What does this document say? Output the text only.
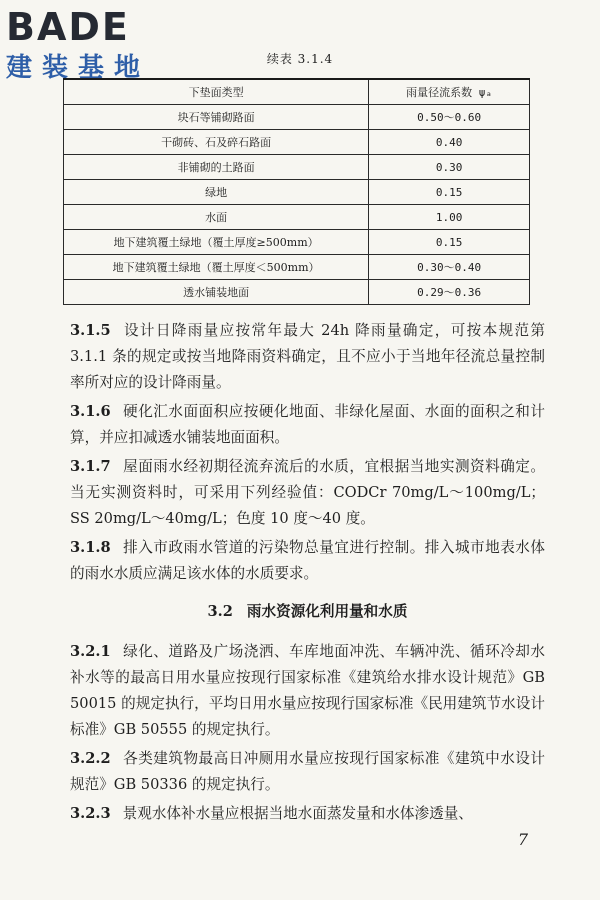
BADE
建装基地	续表 3.1.4
下垫面类型	雨量径流系数 ψₐ
块石等铺砌路面	0.50～0.60
干砌砖、石及碎石路面	0.40
非铺砌的土路面	0.30
绿地	0.15
水面	1.00
地下建筑覆土绿地（覆土厚度≥500mm）	0.15
地下建筑覆土绿地（覆土厚度＜500mm）	0.30～0.40
透水铺装地面	0.29～0.36

3.1.5 设计日降雨量应按常年最大 24h 降雨量确定，可按本规范第 3.1.1 条的规定或按当地降雨资料确定，且不应小于当地年径流总量控制率所对应的设计降雨量。

3.1.6 硬化汇水面面积应按硬化地面、非绿化屋面、水面的面积之和计算，并应扣减透水铺装地面面积。

3.1.7 屋面雨水经初期径流弃流后的水质，宜根据当地实测资料确定。当无实测资料时，可采用下列经验值：CODCr 70mg/L～100mg/L；SS 20mg/L～40mg/L；色度 10 度～40 度。

3.1.8 排入市政雨水管道的污染物总量宜进行控制。排入城市地表水体的雨水水质应满足该水体的水质要求。

3.2 雨水资源化利用量和水质

3.2.1 绿化、道路及广场浇洒、车库地面冲洗、车辆冲洗、循环冷却水补水等的最高日用水量应按现行国家标准《建筑给水排水设计规范》GB 50015 的规定执行，平均日用水量应按现行国家标准《民用建筑节水设计标准》GB 50555 的规定执行。

3.2.2 各类建筑物最高日冲厕用水量应按现行国家标准《建筑中水设计规范》GB 50336 的规定执行。

3.2.3 景观水体补水量应根据当地水面蒸发量和水体渗透量、

7
